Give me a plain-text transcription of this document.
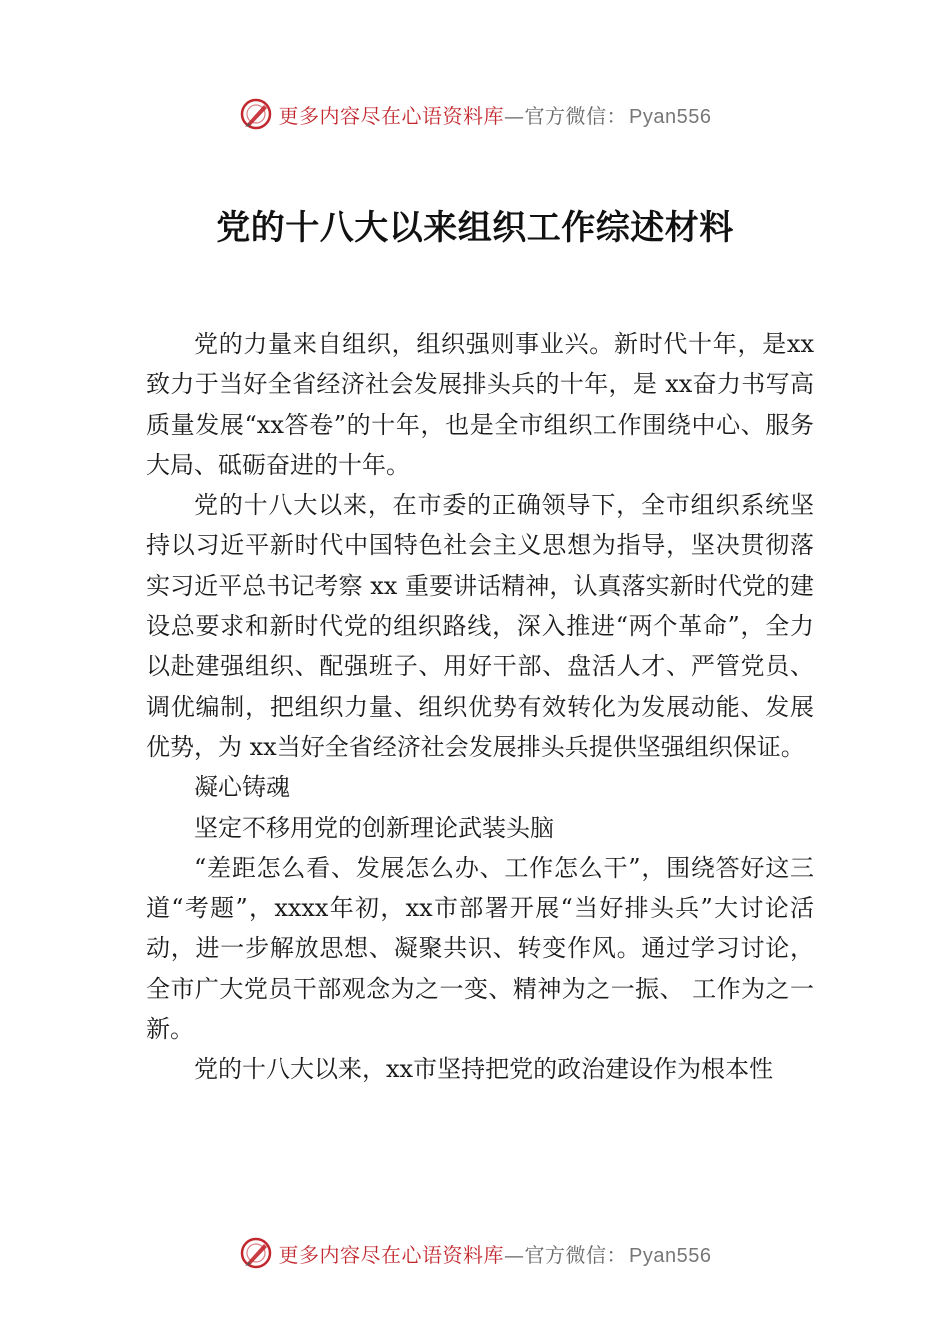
更多内容尽在心语资料库 —官方微信： Pyan556
党的十八大以来组织工作综述材料

党的力量来自组织，组织强则事业兴。新时代十年，是xx致力于当好全省经济社会发展排头兵的十年，是 xx奋力书写高质量发展“xx答卷”的十年，也是全市组织工作围绕中心、服务大局、砥砺奋进的十年。

党的十八大以来，在市委的正确领导下，全市组织系统坚持以习近平新时代中国特色社会主义思想为指导，坚决贯彻落实习近平总书记考察 xx 重要讲话精神，认真落实新时代党的建设总要求和新时代党的组织路线，深入推进“两个革命”，全力以赴建强组织、配强班子、用好干部、盘活人才、严管党员、调优编制，把组织力量、组织优势有效转化为发展动能、发展优势，为 xx当好全省经济社会发展排头兵提供坚强组织保证。

凝心铸魂

坚定不移用党的创新理论武装头脑

“差距怎么看、发展怎么办、工作怎么干”，围绕答好这三道“考题”，xxxx年初，xx市部署开展“当好排头兵”大讨论活动，进一步解放思想、凝聚共识、转变作风。通过学习讨论，全市广大党员干部观念为之一变、精神为之一振、 工作为之一新。

党的十八大以来，xx市坚持把党的政治建设作为根本性

更多内容尽在心语资料库 —官方微信： Pyan556
